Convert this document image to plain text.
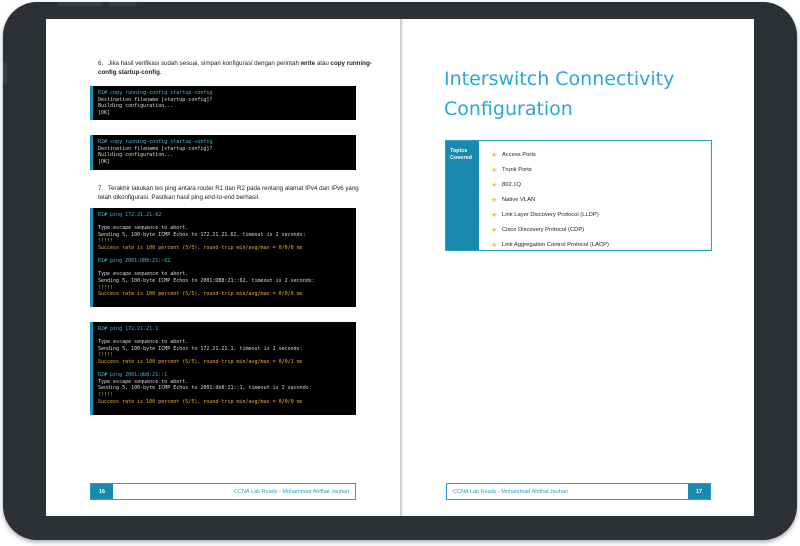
6. Jika hasil verifikasi sudah sesuai, simpan konfigurasi dengan perintah write atau copy running-config startup-config.
R1# copy running-config startup-config
Destination filename [startup-config]?
Building configuration...
[OK]
R2# copy running-config startup-config
Destination filename [startup-config]?
Building configuration...
[OK]
7. Terakhir lakukan tes ping antara router R1 dan R2 pada rentang alamat IPv4 dan IPv6 yang telah dikonfigurasi. Pastikan hasil ping end-to-end berhasil.
R1# ping 172.21.21.62
Type escape sequence to abort.
Sending 5, 100-byte ICMP Echos to 172.21.21.62, timeout is 2 seconds:
!!!!!
Success rate is 100 percent (5/5), round-trip min/avg/max = 0/0/0 ms
R1# ping 2001:DB8:21::62
Type escape sequence to abort.
Sending 5, 100-byte ICMP Echos to 2001:DB8:21::62, timeout is 2 seconds:
!!!!!
Success rate is 100 percent (5/5), round-trip min/avg/max = 0/0/0 ms
R2# ping 172.21.21.1
Type escape sequence to abort.
Sending 5, 100-byte ICMP Echos to 172.21.21.1, timeout is 2 seconds:
!!!!!
Success rate is 100 percent (5/5), round-trip min/avg/max = 0/0/1 ms
R2# ping 2001:db8:21::1
Type escape sequence to abort.
Sending 5, 100-byte ICMP Echos to 2001:db8:21::1, timeout is 2 seconds:
!!!!!
Success rate is 100 percent (5/5), round-trip min/avg/max = 0/0/0 ms
16	CCNA Lab Ready - Mohammad Ahlfhal Jauhari
Interswitch Connectivity Configuration
Topics Covered	★ Access Ports
★ Trunk Ports
★ 802.1Q
★ Native VLAN
★ Link Layer Discovery Protocol (LLDP)
★ Cisco Discovery Protocol (CDP)
★ Link Aggregation Control Protocol (LACP)
CCNA Lab Ready - Mohammad Ahlfhal Jauhari	17
